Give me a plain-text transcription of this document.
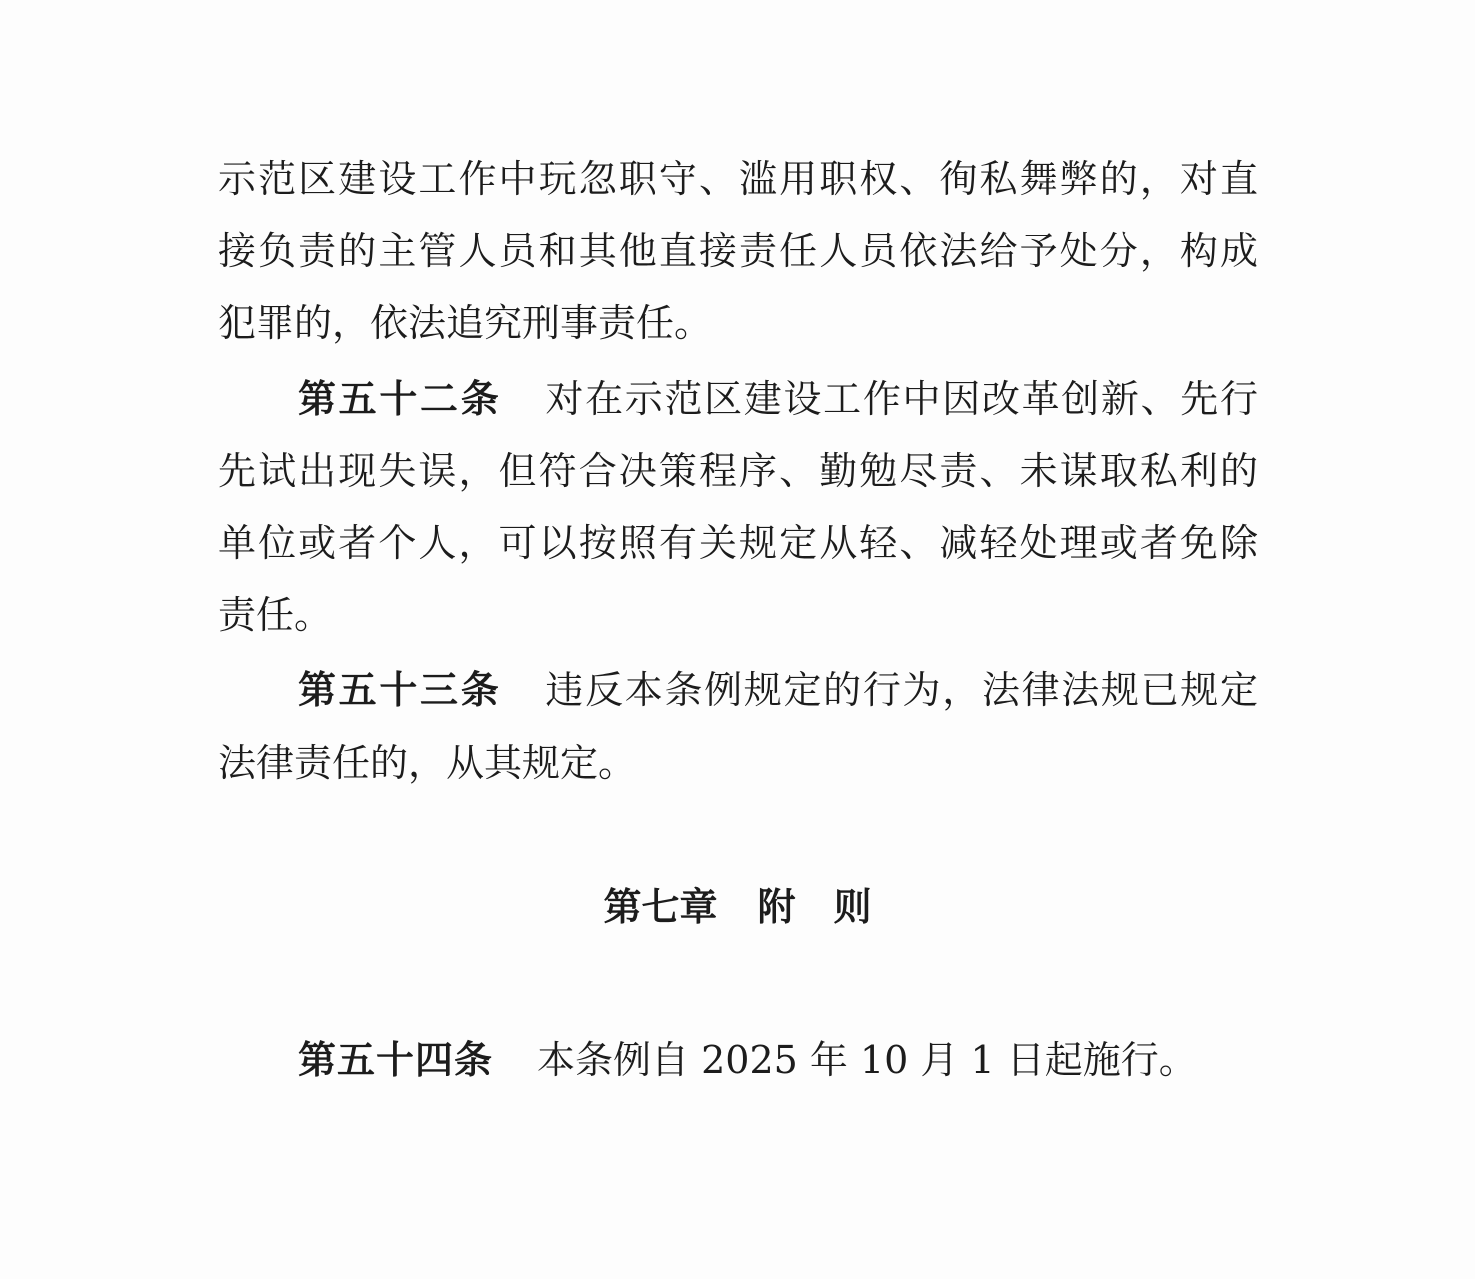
示范区建设工作中玩忽职守、滥用职权、徇私舞弊的，对直
接负责的主管人员和其他直接责任人员依法给予处分，构成
犯罪的，依法追究刑事责任。
第五十二条 对在示范区建设工作中因改革创新、先行
先试出现失误，但符合决策程序、勤勉尽责、未谋取私利的
单位或者个人，可以按照有关规定从轻、减轻处理或者免除
责任。
第五十三条 违反本条例规定的行为，法律法规已规定
法律责任的，从其规定。
第七章 附 则
第五十四条 本条例自 2025 年 10 月 1 日起施行。
